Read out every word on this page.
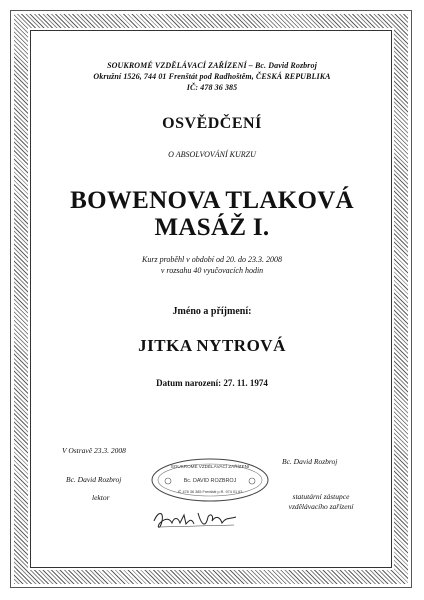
SOUKROMÉ VZDĚLÁVACÍ ZAŘÍZENÍ – Bc. David Rozbroj
Okružní 1526, 744 01 Frenštát pod Radhoštěm, ČESKÁ REPUBLIKA
IČ: 478 36 385
OSVĚDČENÍ
O ABSOLVOVÁNÍ KURZU
BOWENOVA TLAKOVÁ
MASÁŽ I.
Kurz proběhl v období od 20. do 23.3. 2008
v rozsahu 40 vyučovacích hodin
Jméno a příjmení:
JITKA NYTROVÁ
Datum narození: 27. 11. 1974
V Ostravě 23.3. 2008
Bc. David Rozbroj
lektor
Bc. David Rozbroj
statutární zástupce
vzdělávacího zařízení
SOUKROMÉ VZDĚLÁVACÍ ZAŘÍZENÍ
Bc. DAVID ROZBROJ
IČ 478 36 385 Frenštát p.R. 974 01 63
